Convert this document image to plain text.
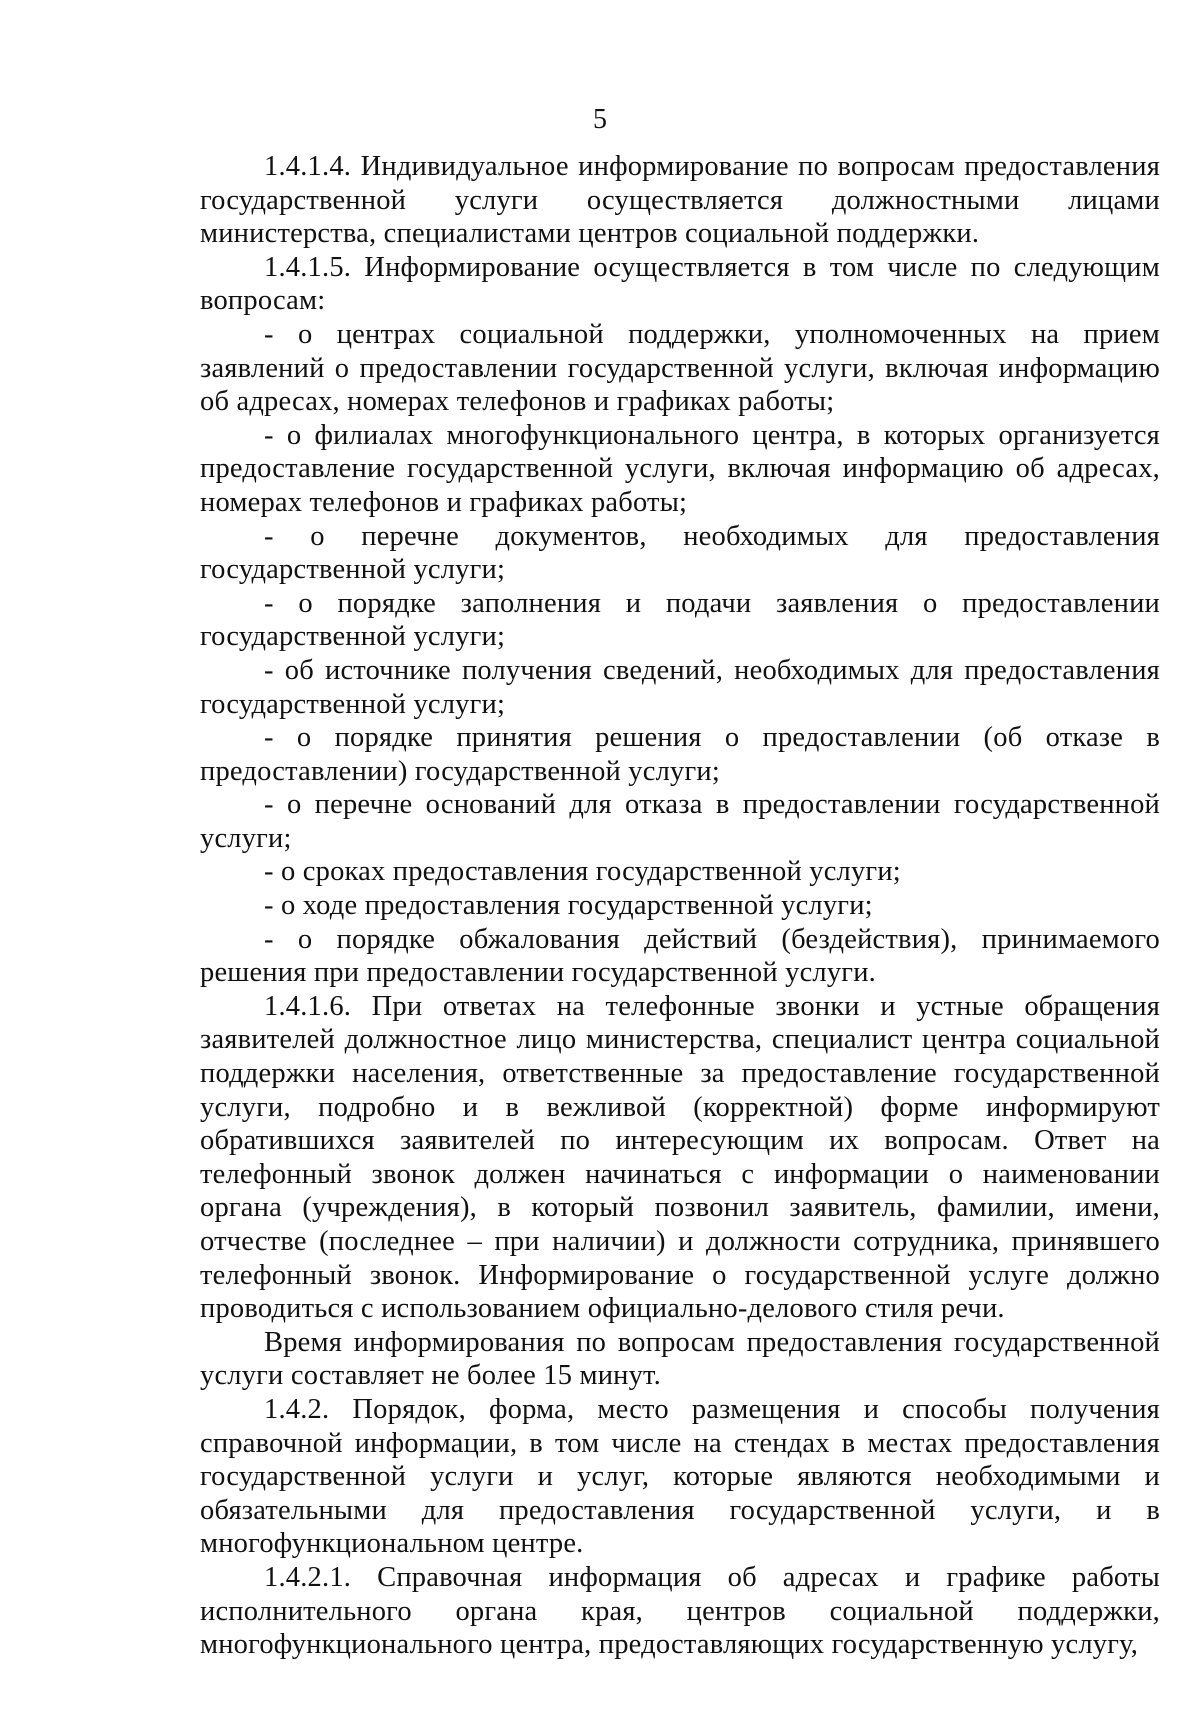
5

1.4.1.4. Индивидуальное информирование по вопросам предоставления государственной услуги осуществляется должностными лицами министерства, специалистами центров социальной поддержки.

1.4.1.5. Информирование осуществляется в том числе по следующим вопросам:

- о центрах социальной поддержки, уполномоченных на прием заявлений о предоставлении государственной услуги, включая информацию об адресах, номерах телефонов и графиках работы;

- о филиалах многофункционального центра, в которых организуется предоставление государственной услуги, включая информацию об адресах, номерах телефонов и графиках работы;

- о перечне документов, необходимых для предоставления государственной услуги;

- о порядке заполнения и подачи заявления о предоставлении государственной услуги;

- об источнике получения сведений, необходимых для предоставления государственной услуги;

- о порядке принятия решения о предоставлении (об отказе в предоставлении) государственной услуги;

- о перечне оснований для отказа в предоставлении государственной услуги;

- о сроках предоставления государственной услуги;

- о ходе предоставления государственной услуги;

- о порядке обжалования действий (бездействия), принимаемого решения при предоставлении государственной услуги.

1.4.1.6. При ответах на телефонные звонки и устные обращения заявителей должностное лицо министерства, специалист центра социальной поддержки населения, ответственные за предоставление государственной услуги, подробно и в вежливой (корректной) форме информируют обратившихся заявителей по интересующим их вопросам. Ответ на телефонный звонок должен начинаться с информации о наименовании органа (учреждения), в который позвонил заявитель, фамилии, имени, отчестве (последнее – при наличии) и должности сотрудника, принявшего телефонный звонок. Информирование о государственной услуге должно проводиться с использованием официально-делового стиля речи.

Время информирования по вопросам предоставления государственной услуги составляет не более 15 минут.

1.4.2. Порядок, форма, место размещения и способы получения справочной информации, в том числе на стендах в местах предоставления государственной услуги и услуг, которые являются необходимыми и обязательными для предоставления государственной услуги, и в многофункциональном центре.

1.4.2.1. Справочная информация об адресах и графике работы исполнительного органа края, центров социальной поддержки, многофункционального центра, предоставляющих государственную услугу,
